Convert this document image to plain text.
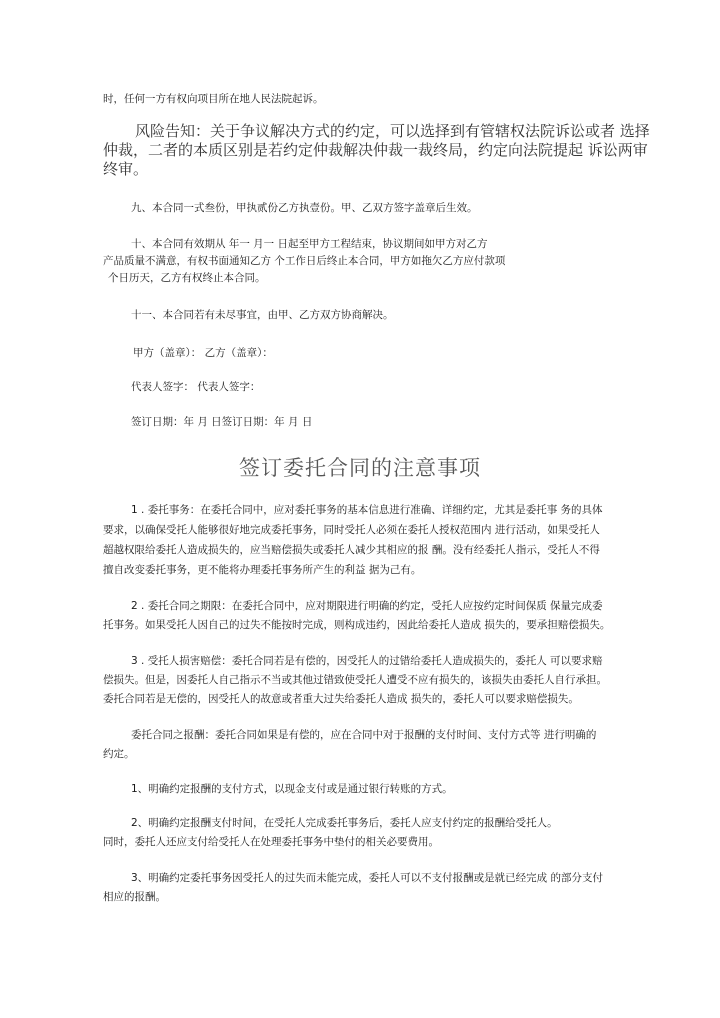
时，任何一方有权向项目所在地人民法院起诉。
风险告知：关于争议解决方式的约定，可以选择到有管辖权法院诉讼或者 选择
仲裁，二者的本质区别是若约定仲裁解决仲裁一裁终局，约定向法院提起 诉讼两审
终审。
九、本合同一式叁份，甲执贰份乙方执壹份。甲、乙双方签字盖章后生效。
十、本合同有效期从 年一 月一 日起至甲方工程结束，协议期间如甲方对乙方
产品质量不满意，有权书面通知乙方 个工作日后终止本合同，甲方如拖欠乙方应付款项
个日历天，乙方有权终止本合同。
十一、本合同若有未尽事宜，由甲、乙方双方协商解决。
甲方（盖章）： 乙方（盖章）：
代表人签字： 代表人签字：
签订日期：年 月 日签订日期：年 月 日
签订委托合同的注意事项
1 . 委托事务：在委托合同中，应对委托事务的基本信息进行准确、详细约定，尤其是委托事 务的具体
要求，以确保受托人能够很好地完成委托事务，同时受托人必须在委托人授权范围内 进行活动，如果受托人
超越权限给委托人造成损失的，应当赔偿损失或委托人减少其相应的报 酬。没有经委托人指示，受托人不得
擅自改变委托事务，更不能将办理委托事务所产生的利益 据为己有。
2 . 委托合同之期限：在委托合同中，应对期限进行明确的约定，受托人应按约定时间保质 保量完成委
托事务。如果受托人因自己的过失不能按时完成，则构成违约，因此给委托人造成 损失的，要承担赔偿损失。
3 . 受托人损害赔偿：委托合同若是有偿的，因受托人的过错给委托人造成损失的，委托人 可以要求赔
偿损失。但是，因委托人自己指示不当或其他过错致使受托人遭受不应有损失的，该损失由委托人自行承担。
委托合同若是无偿的，因受托人的故意或者重大过失给委托人造成 损失的，委托人可以要求赔偿损失。
委托合同之报酬：委托合同如果是有偿的，应在合同中对于报酬的支付时间、支付方式等 进行明确的
约定。
1、明确约定报酬的支付方式，以现金支付或是通过银行转账的方式。
2、明确约定报酬支付时间，在受托人完成委托事务后，委托人应支付约定的报酬给受托人。
同时，委托人还应支付给受托人在处理委托事务中垫付的相关必要费用。
3、明确约定委托事务因受托人的过失而未能完成，委托人可以不支付报酬或是就已经完成 的部分支付
相应的报酬。
